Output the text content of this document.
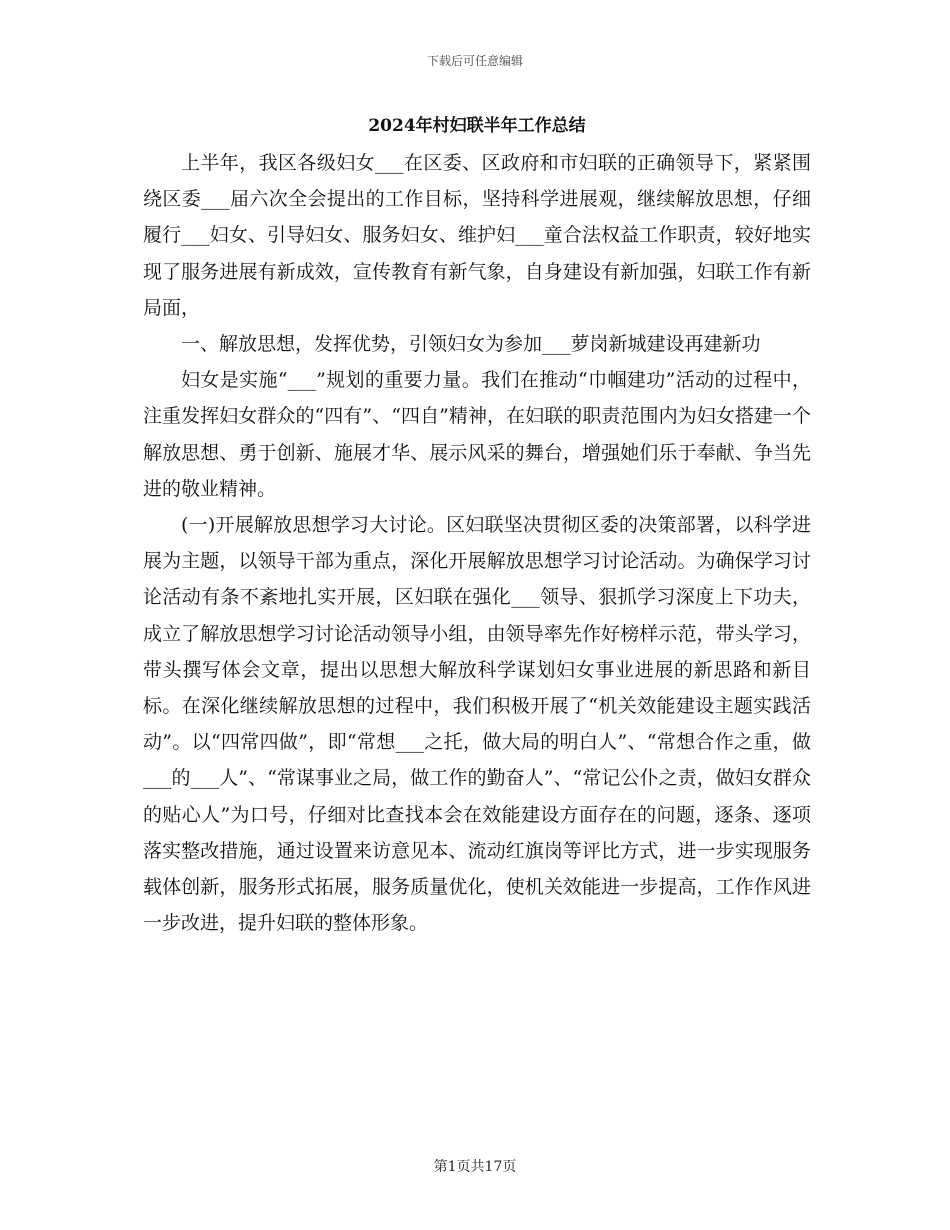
下载后可任意编辑
2024年村妇联半年工作总结

上半年，我区各级妇女___在区委、区政府和市妇联的正确领导下，紧紧围绕区委___届六次全会提出的工作目标，坚持科学进展观，继续解放思想，仔细履行___妇女、引导妇女、服务妇女、维护妇___童合法权益工作职责，较好地实现了服务进展有新成效，宣传教育有新气象，自身建设有新加强，妇联工作有新局面，

一、解放思想，发挥优势，引领妇女为参加___萝岗新城建设再建新功

妇女是实施“___”规划的重要力量。我们在推动“巾帼建功”活动的过程中，注重发挥妇女群众的“四有”、“四自”精神，在妇联的职责范围内为妇女搭建一个解放思想、勇于创新、施展才华、展示风采的舞台，增强她们乐于奉献、争当先进的敬业精神。

(一)开展解放思想学习大讨论。区妇联坚决贯彻区委的决策部署，以科学进展为主题，以领导干部为重点，深化开展解放思想学习讨论活动。为确保学习讨论活动有条不紊地扎实开展，区妇联在强化___领导、狠抓学习深度上下功夫，成立了解放思想学习讨论活动领导小组，由领导率先作好榜样示范，带头学习，带头撰写体会文章，提出以思想大解放科学谋划妇女事业进展的新思路和新目标。在深化继续解放思想的过程中，我们积极开展了“机关效能建设主题实践活动”。以“四常四做”，即“常想___之托，做大局的明白人”、“常想合作之重，做___的___人”、“常谋事业之局，做工作的勤奋人”、“常记公仆之责，做妇女群众的贴心人”为口号，仔细对比查找本会在效能建设方面存在的问题，逐条、逐项落实整改措施，通过设置来访意见本、流动红旗岗等评比方式，进一步实现服务载体创新，服务形式拓展，服务质量优化，使机关效能进一步提高，工作作风进一步改进，提升妇联的整体形象。

第1页共17页
